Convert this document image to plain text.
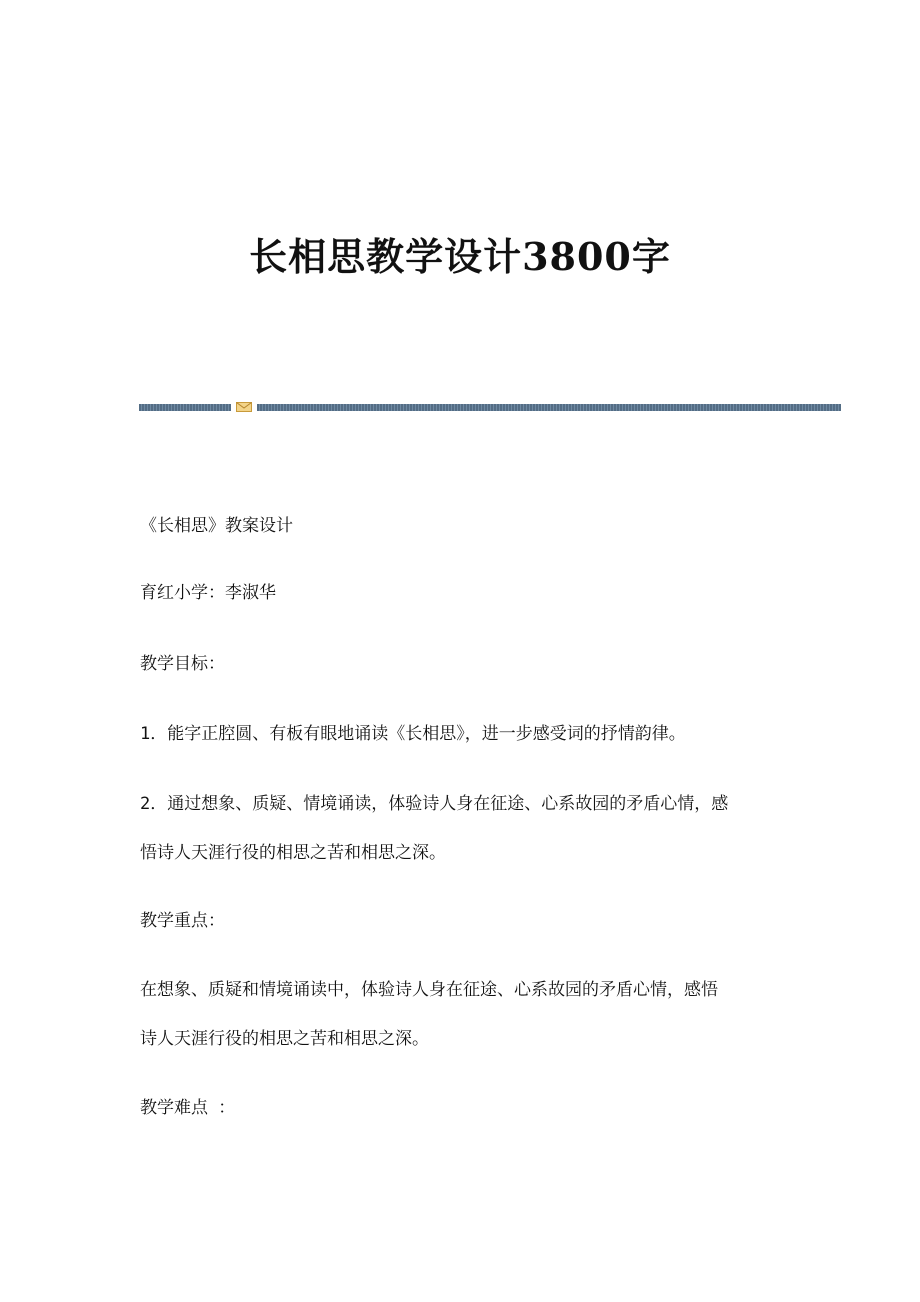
长相思教学设计3800字

《长相思》教案设计

育红小学：李淑华

教学目标：

1．能字正腔圆、有板有眼地诵读《长相思》，进一步感受词的抒情韵律。

2．通过想象、质疑、情境诵读，体验诗人身在征途、心系故园的矛盾心情，感

悟诗人天涯行役的相思之苦和相思之深。

教学重点：

在想象、质疑和情境诵读中，体验诗人身在征途、心系故园的矛盾心情，感悟

诗人天涯行役的相思之苦和相思之深。

教学难点 ：
